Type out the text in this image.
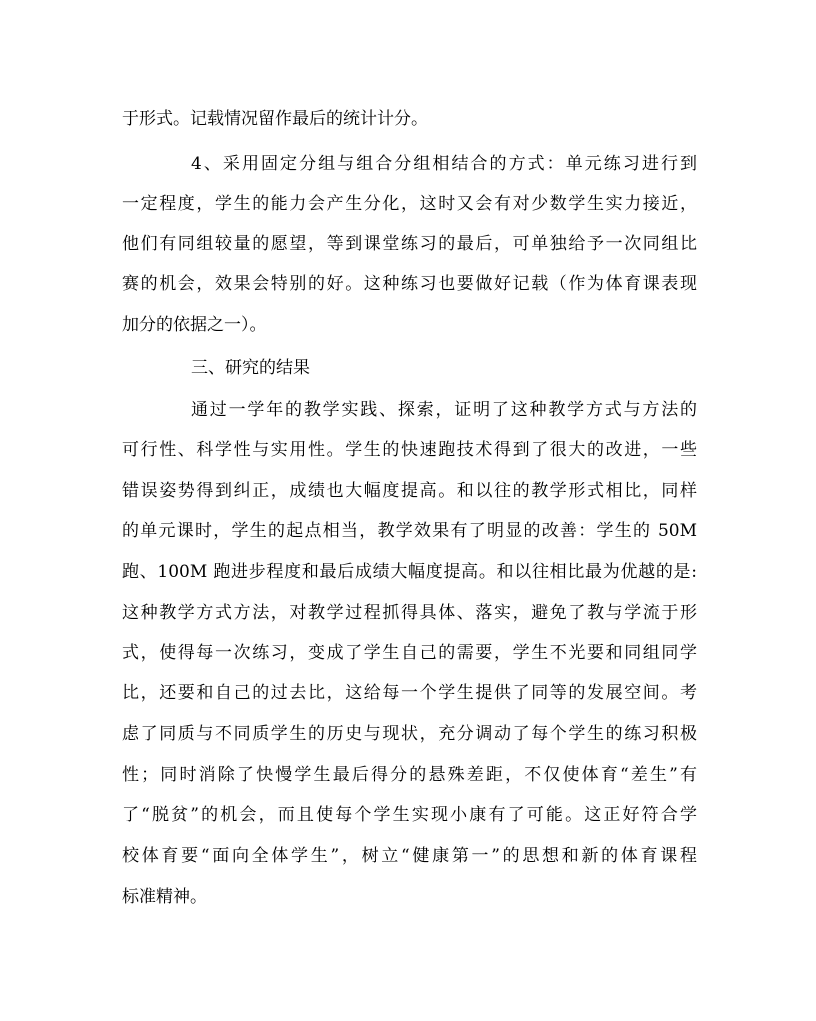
于形式。记载情况留作最后的统计计分。
4、采用固定分组与组合分组相结合的方式：单元练习进行到
一定程度，学生的能力会产生分化，这时又会有对少数学生实力接近，
他们有同组较量的愿望，等到课堂练习的最后，可单独给予一次同组比
赛的机会，效果会特别的好。这种练习也要做好记载（作为体育课表现
加分的依据之一）。
三、研究的结果
通过一学年的教学实践、探索，证明了这种教学方式与方法的
可行性、科学性与实用性。学生的快速跑技术得到了很大的改进，一些
错误姿势得到纠正，成绩也大幅度提高。和以往的教学形式相比，同样
的单元课时，学生的起点相当，教学效果有了明显的改善：学生的 50M
跑、100M 跑进步程度和最后成绩大幅度提高。和以往相比最为优越的是:
这种教学方式方法，对教学过程抓得具体、落实，避免了教与学流于形
式，使得每一次练习，变成了学生自己的需要，学生不光要和同组同学
比，还要和自己的过去比，这给每一个学生提供了同等的发展空间。考
虑了同质与不同质学生的历史与现状，充分调动了每个学生的练习积极
性；同时消除了快慢学生最后得分的悬殊差距，不仅使体育“差生”有
了“脱贫”的机会，而且使每个学生实现小康有了可能。这正好符合学
校体育要“面向全体学生”，树立“健康第一”的思想和新的体育课程
标准精神。
